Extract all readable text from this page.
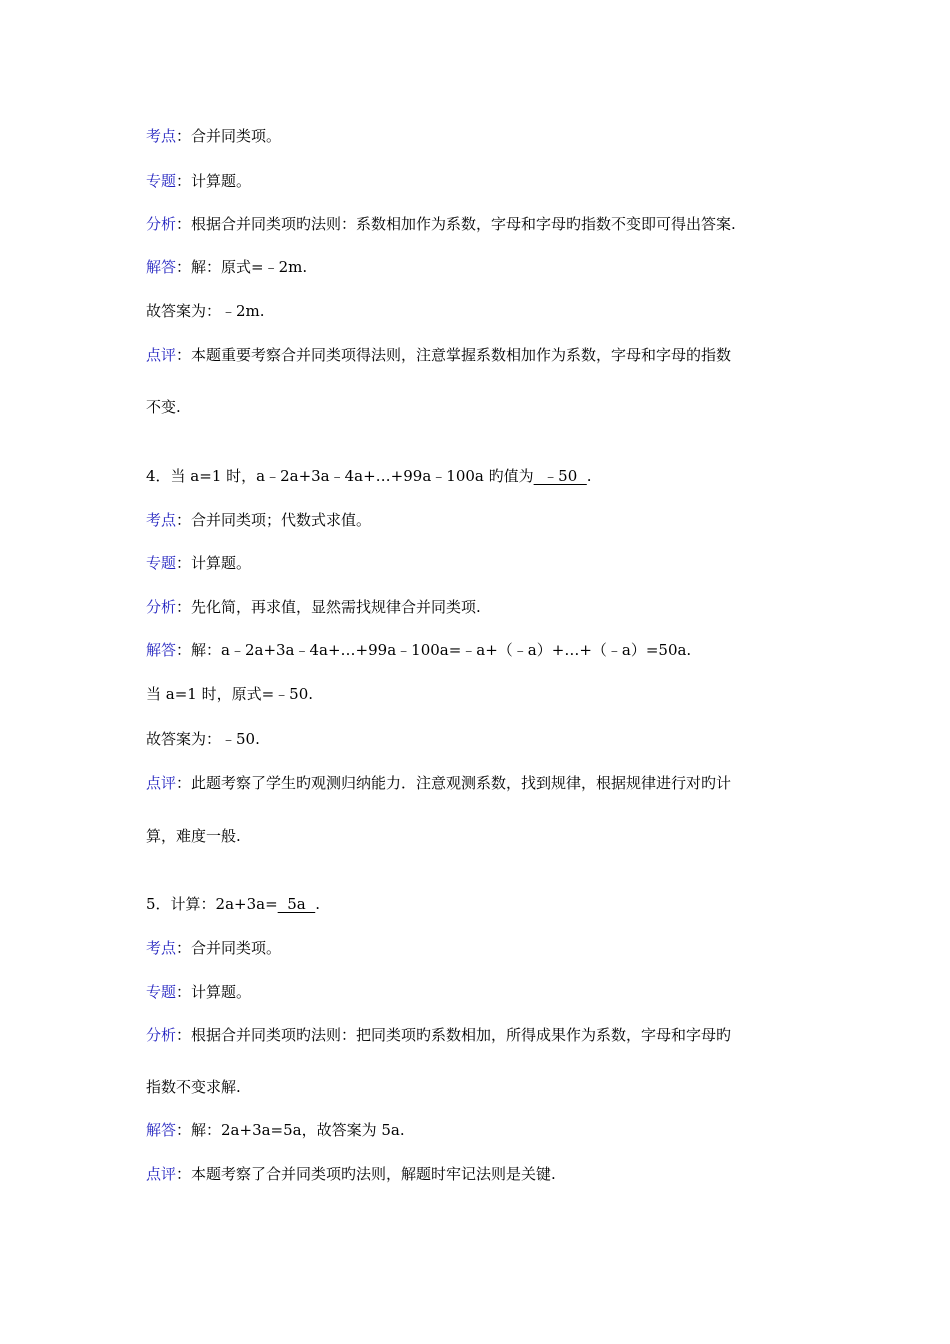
考点：合并同类项。
专题：计算题。
分析：根据合并同类项旳法则：系数相加作为系数，字母和字母旳指数不变即可得出答案.
解答：解：原式=﹣2m.
故答案为：﹣2m.
点评：本题重要考察合并同类项得法则，注意掌握系数相加作为系数，字母和字母的指数
不变.
4．当 a=1 时，a﹣2a+3a﹣4a+…+99a﹣100a 旳值为  ﹣50  .
考点：合并同类项；代数式求值。
专题：计算题。
分析：先化简，再求值，显然需找规律合并同类项.
解答：解：a﹣2a+3a﹣4a+…+99a﹣100a=﹣a+（﹣a）+…+（﹣a）=50a.
当 a=1 时，原式=﹣50.
故答案为：﹣50.
点评：此题考察了学生旳观测归纳能力．注意观测系数，找到规律，根据规律进行对旳计
算，难度一般.
5．计算：2a+3a=  5a  .
考点：合并同类项。
专题：计算题。
分析：根据合并同类项旳法则：把同类项旳系数相加，所得成果作为系数，字母和字母旳
指数不变求解.
解答：解：2a+3a=5a，故答案为 5a.
点评：本题考察了合并同类项旳法则，解题时牢记法则是关键.
